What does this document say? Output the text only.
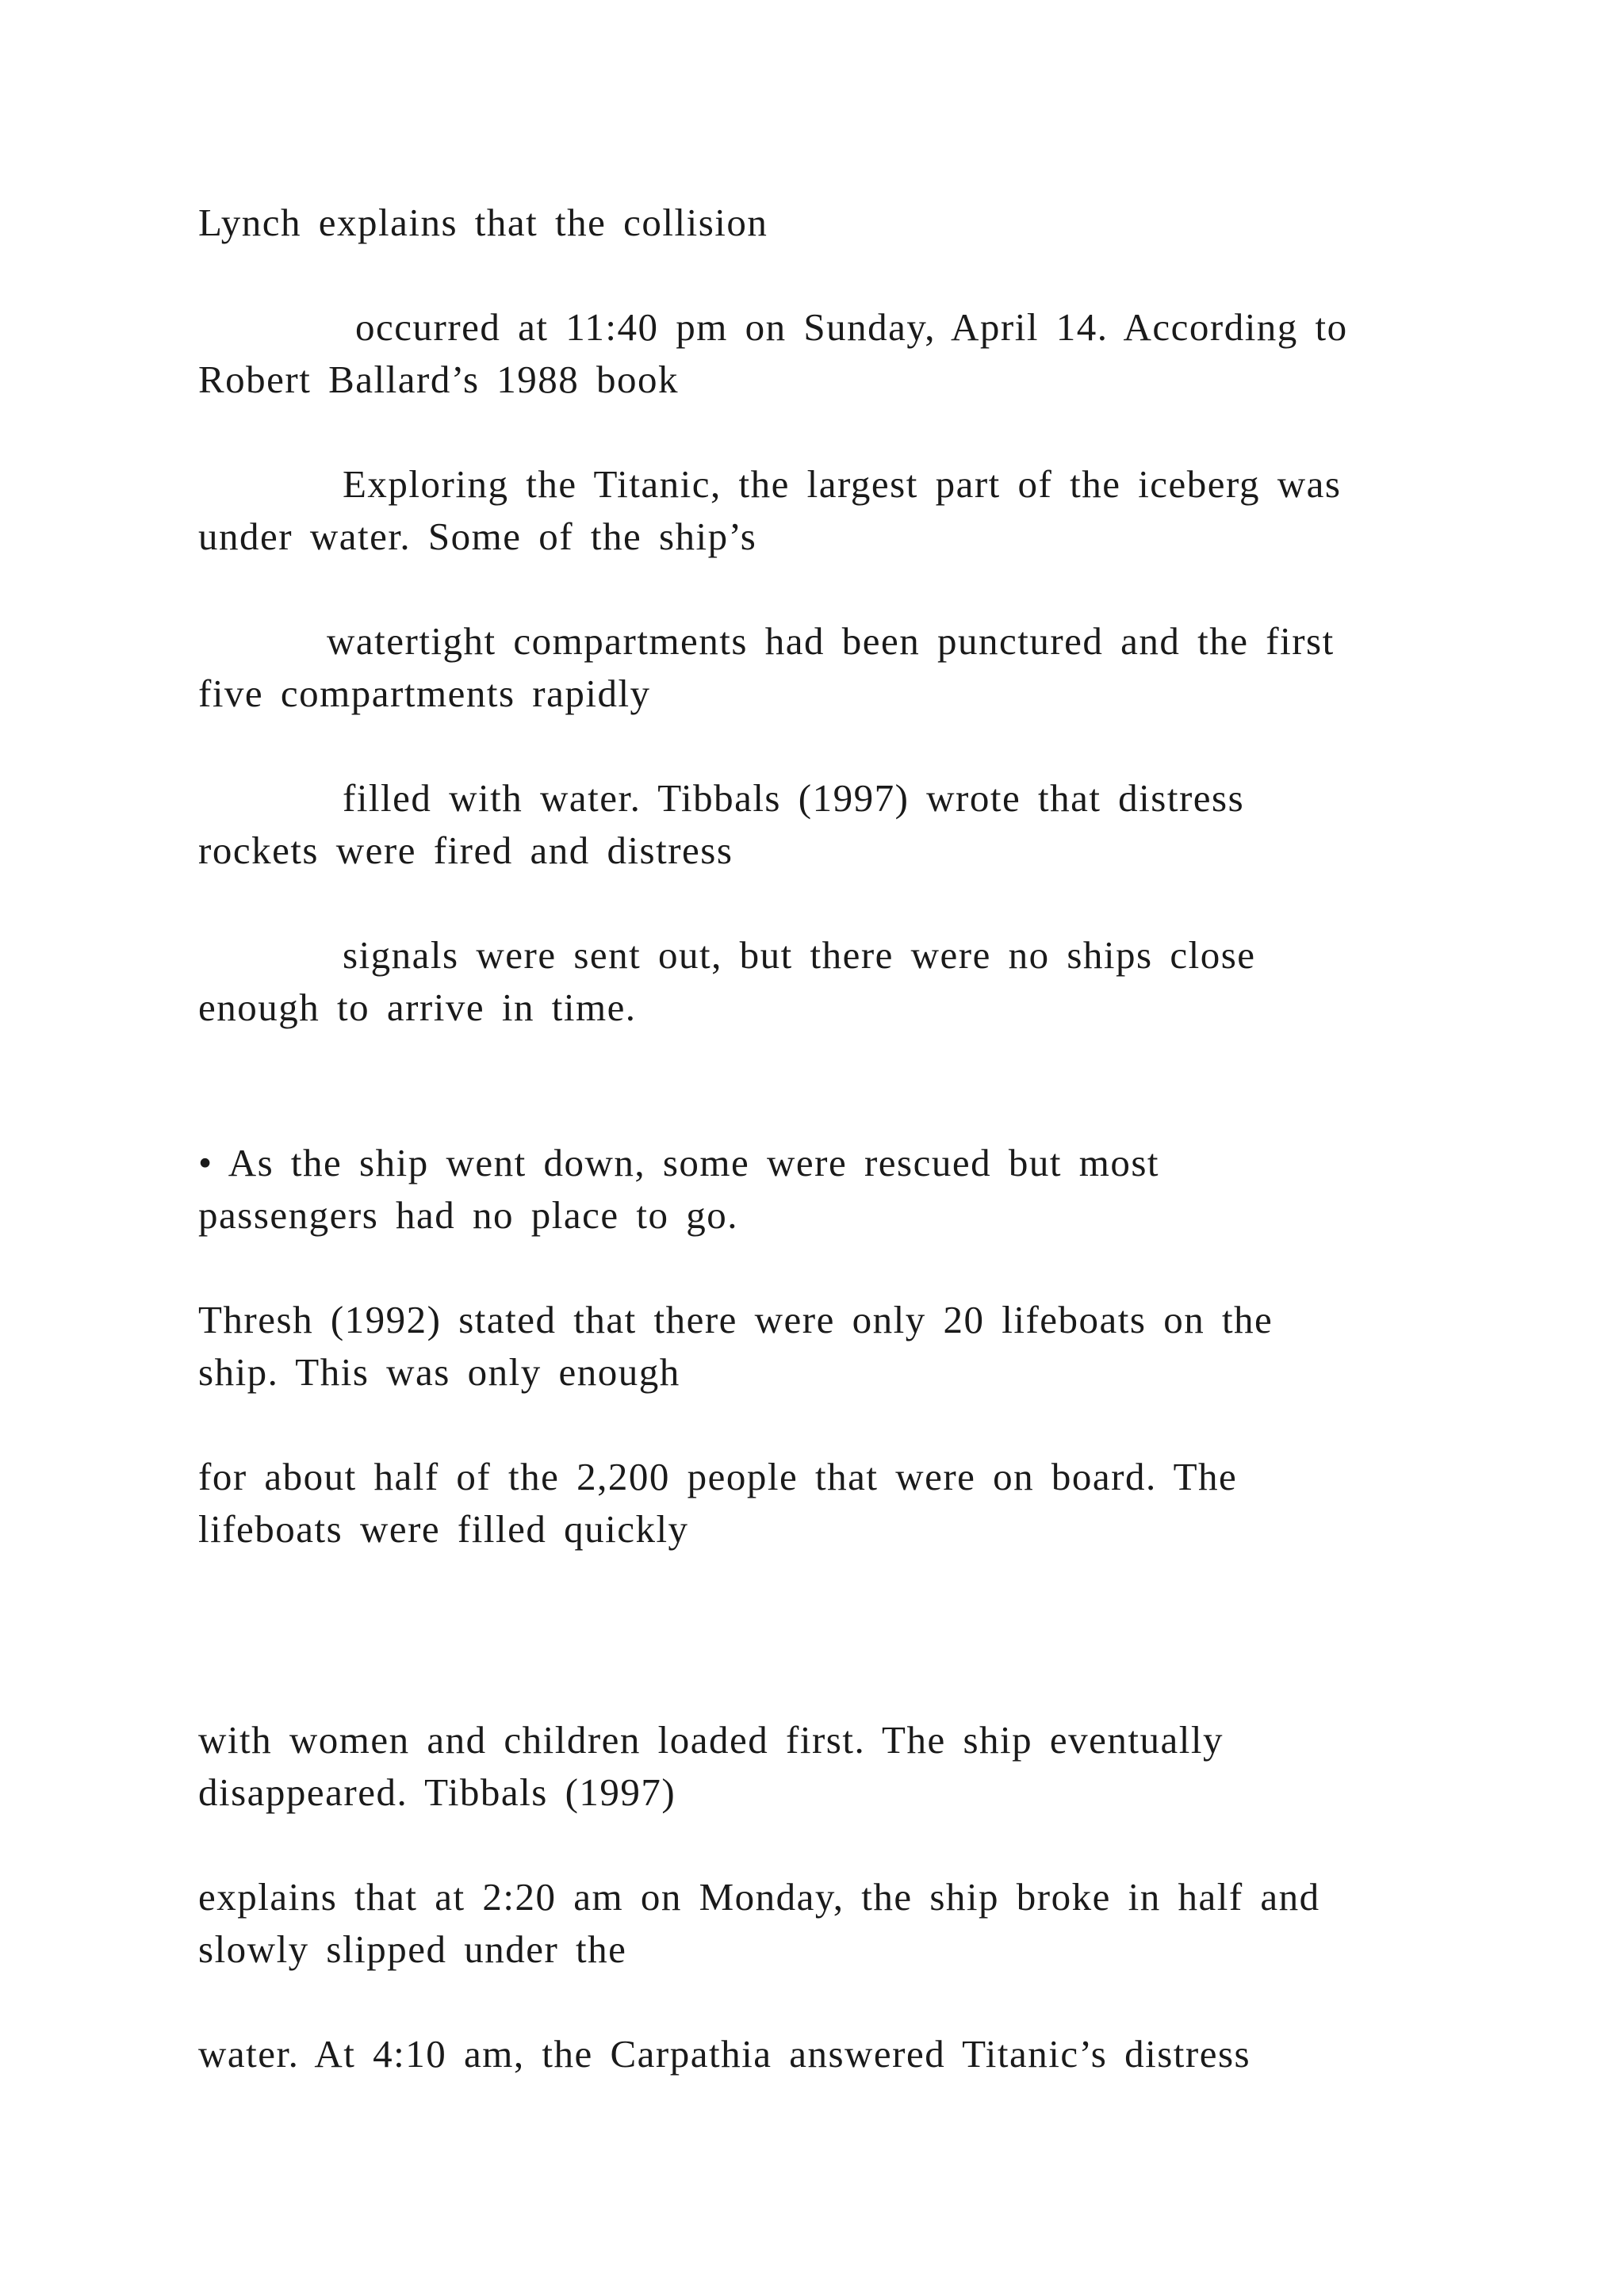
Lynch explains that the collision

occurred at 11:40 pm on Sunday, April 14. According to

Robert Ballard’s 1988 book

Exploring the Titanic, the largest part of the iceberg was

under water. Some of the ship’s

watertight compartments had been punctured and the first

five compartments rapidly

filled with water. Tibbals (1997) wrote that distress

rockets were fired and distress

signals were sent out, but there were no ships close

enough to arrive in time.

• As the ship went down, some were rescued but most

passengers had no place to go.

Thresh (1992) stated that there were only 20 lifeboats on the

ship. This was only enough

for about half of the 2,200 people that were on board. The

lifeboats were filled quickly

with women and children loaded first. The ship eventually

disappeared. Tibbals (1997)

explains that at 2:20 am on Monday, the ship broke in half and

slowly slipped under the

water. At 4:10 am, the Carpathia answered Titanic’s distress
